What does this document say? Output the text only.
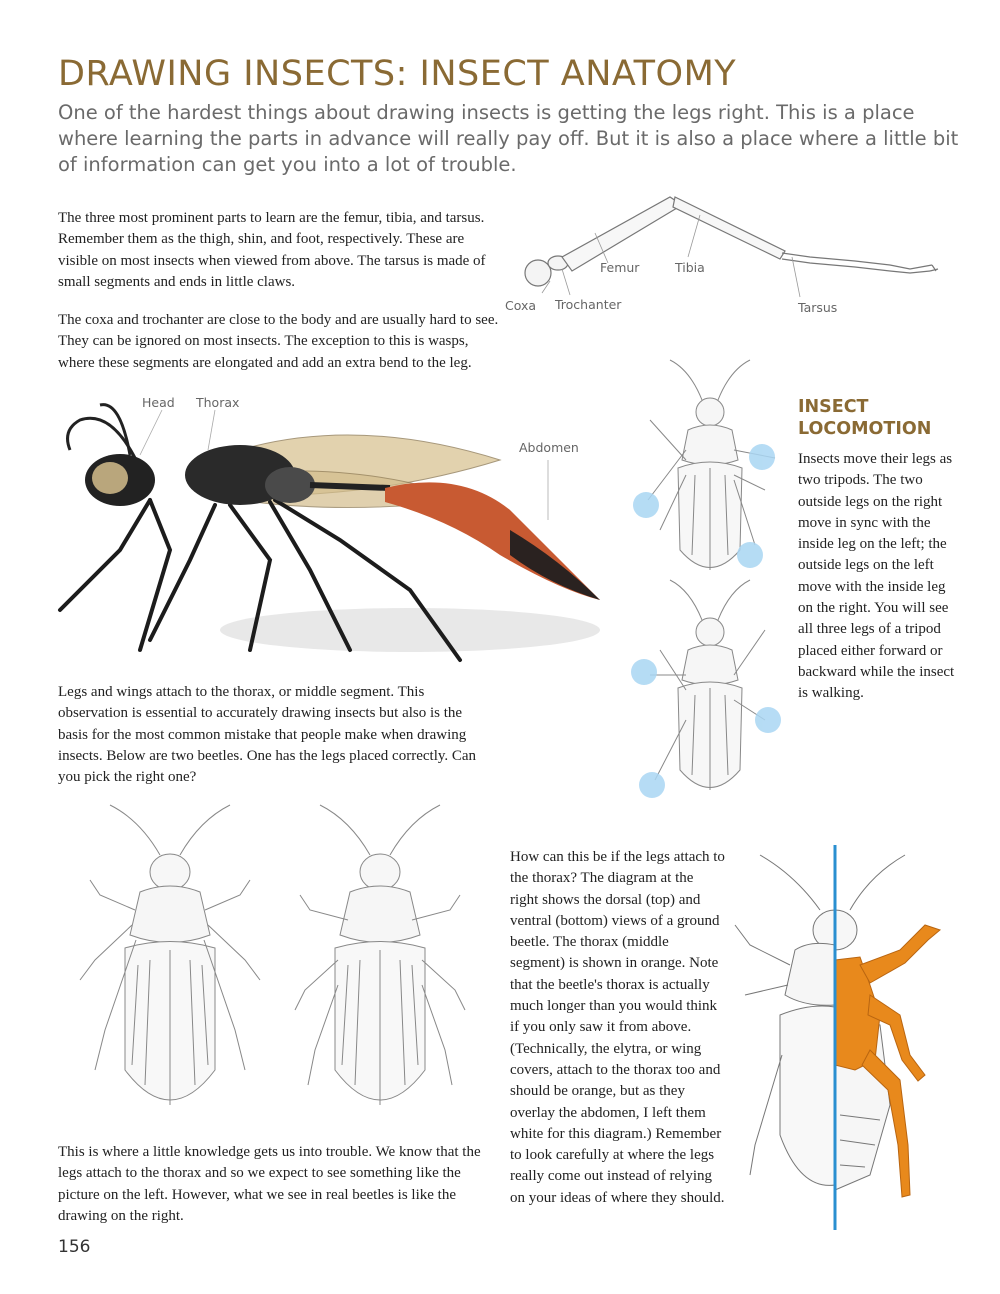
DRAWING INSECTS: INSECT ANATOMY

One of the hardest things about drawing insects is getting the legs right. This is a place where learning the parts in advance will really pay off. But it is also a place where a little bit of information can get you into a lot of trouble.

The three most prominent parts to learn are the femur, tibia, and tarsus. Remember them as the thigh, shin, and foot, respectively. These are visible on most insects when viewed from above. The tarsus is made of small segments and ends in little claws.

The coxa and trochanter are close to the body and are usually hard to see. They can be ignored on most insects. The exception to this is wasps, where these segments are elongated and add an extra bend to the leg.

Coxa Trochanter
Femur	Tibia
Tarsus
Head Thorax
Abdomen
INSECT LOCOMOTION

Insects move their legs as two tripods. The two outside legs on the right move in sync with the inside leg on the left; the outside legs on the left move with the inside leg on the right. You will see all three legs of a tripod placed either forward or backward while the insect is walking.

Legs and wings attach to the thorax, or middle segment. This observation is essential to accurately drawing insects but also is the basis for the most common mistake that people make when drawing insects. Below are two beetles. One has the legs placed correctly. Can you pick the right one?

This is where a little knowledge gets us into trouble. We know that the legs attach to the thorax and so we expect to see something like the picture on the left. However, what we see in real beetles is like the drawing on the right.

How can this be if the legs attach to the thorax? The diagram at the right shows the dorsal (top) and ventral (bottom) views of a ground beetle. The thorax (middle segment) is shown in orange. Note that the beetle's thorax is actually much longer than you would think if you only saw it from above. (Technically, the elytra, or wing covers, attach to the thorax too and should be orange, but as they overlay the abdomen, I left them white for this diagram.) Remember to look carefully at where the legs really come out instead of relying on your ideas of where they should.

156
